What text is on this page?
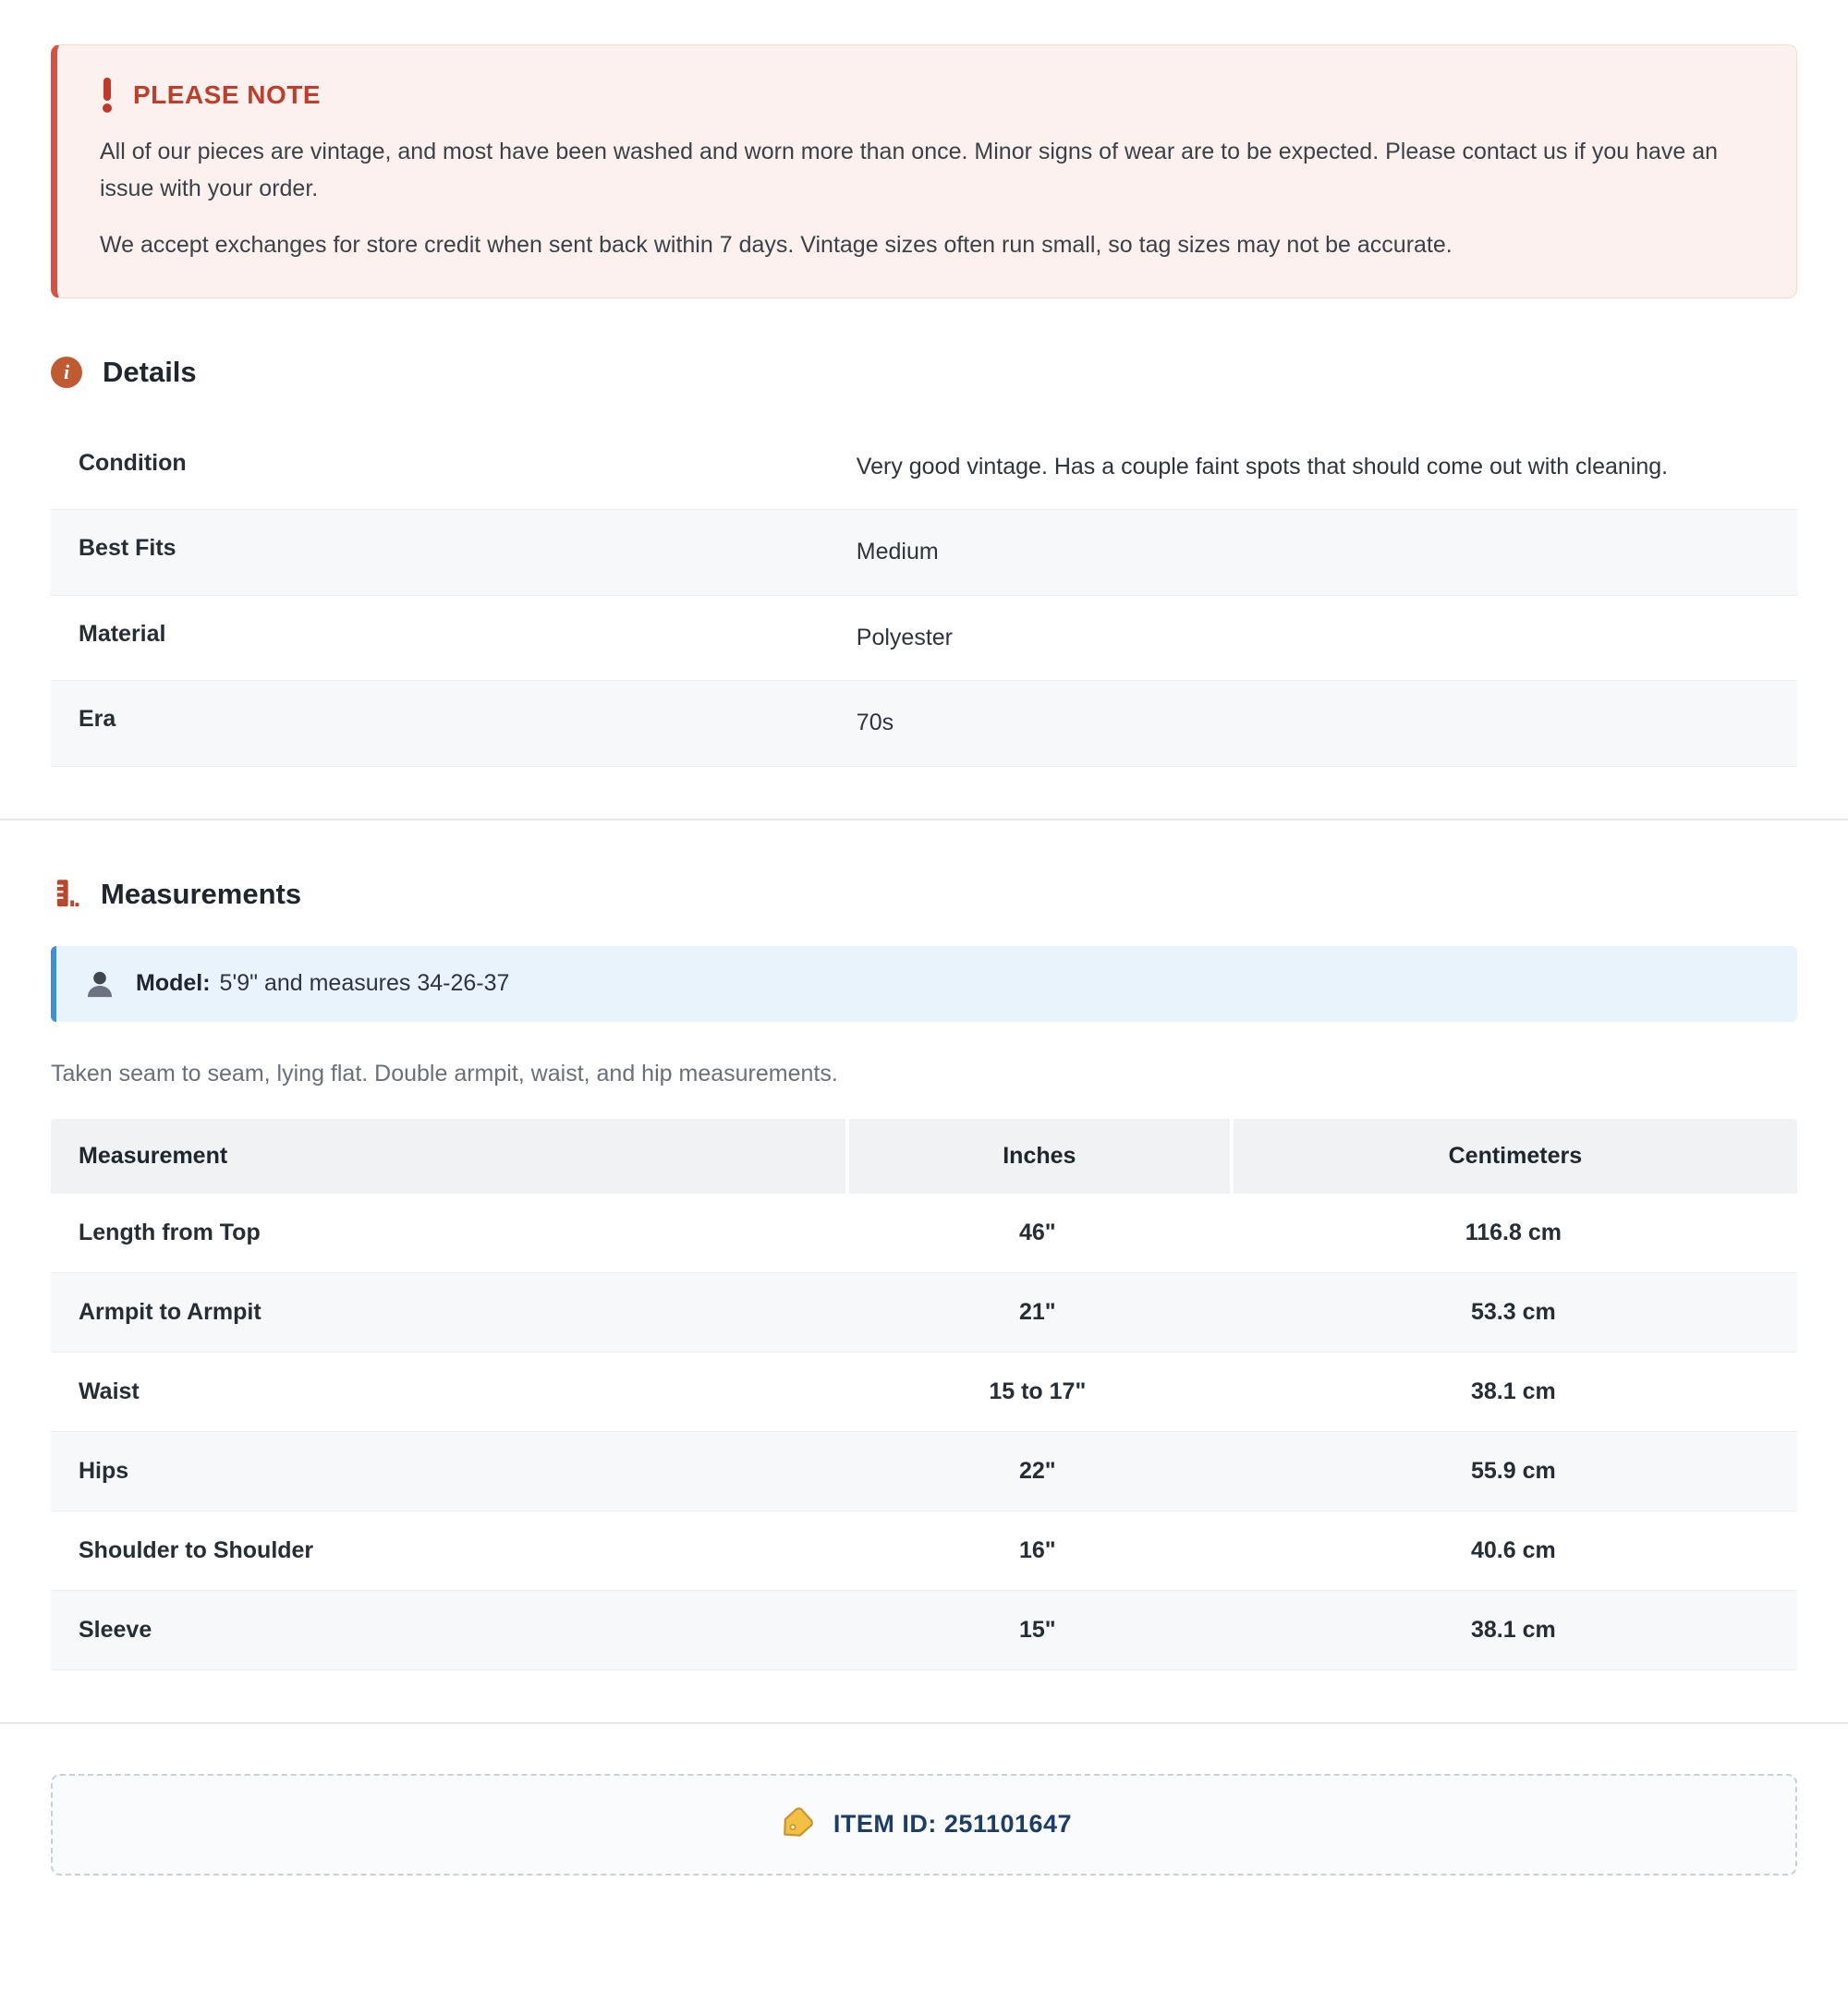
PLEASE NOTE

All of our pieces are vintage, and most have been washed and worn more than once. Minor signs of wear are to be expected. Please contact us if you have an issue with your order.

We accept exchanges for store credit when sent back within 7 days. Vintage sizes often run small, so tag sizes may not be accurate.

i	Details
Condition	Very good vintage. Has a couple faint spots that should come out with cleaning.
Best Fits	Medium
Material	Polyester
Era	70s
Measurements
Model: 5'9" and measures 34-26-37

Taken seam to seam, lying flat. Double armpit, waist, and hip measurements.

Measurement	Inches	Centimeters
Length from Top	46"	116.8 cm
Armpit to Armpit	21"	53.3 cm
Waist	15 to 17"	38.1 cm
Hips	22"	55.9 cm
Shoulder to Shoulder	16"	40.6 cm
Sleeve	15"	38.1 cm
ITEM ID: 251101647
